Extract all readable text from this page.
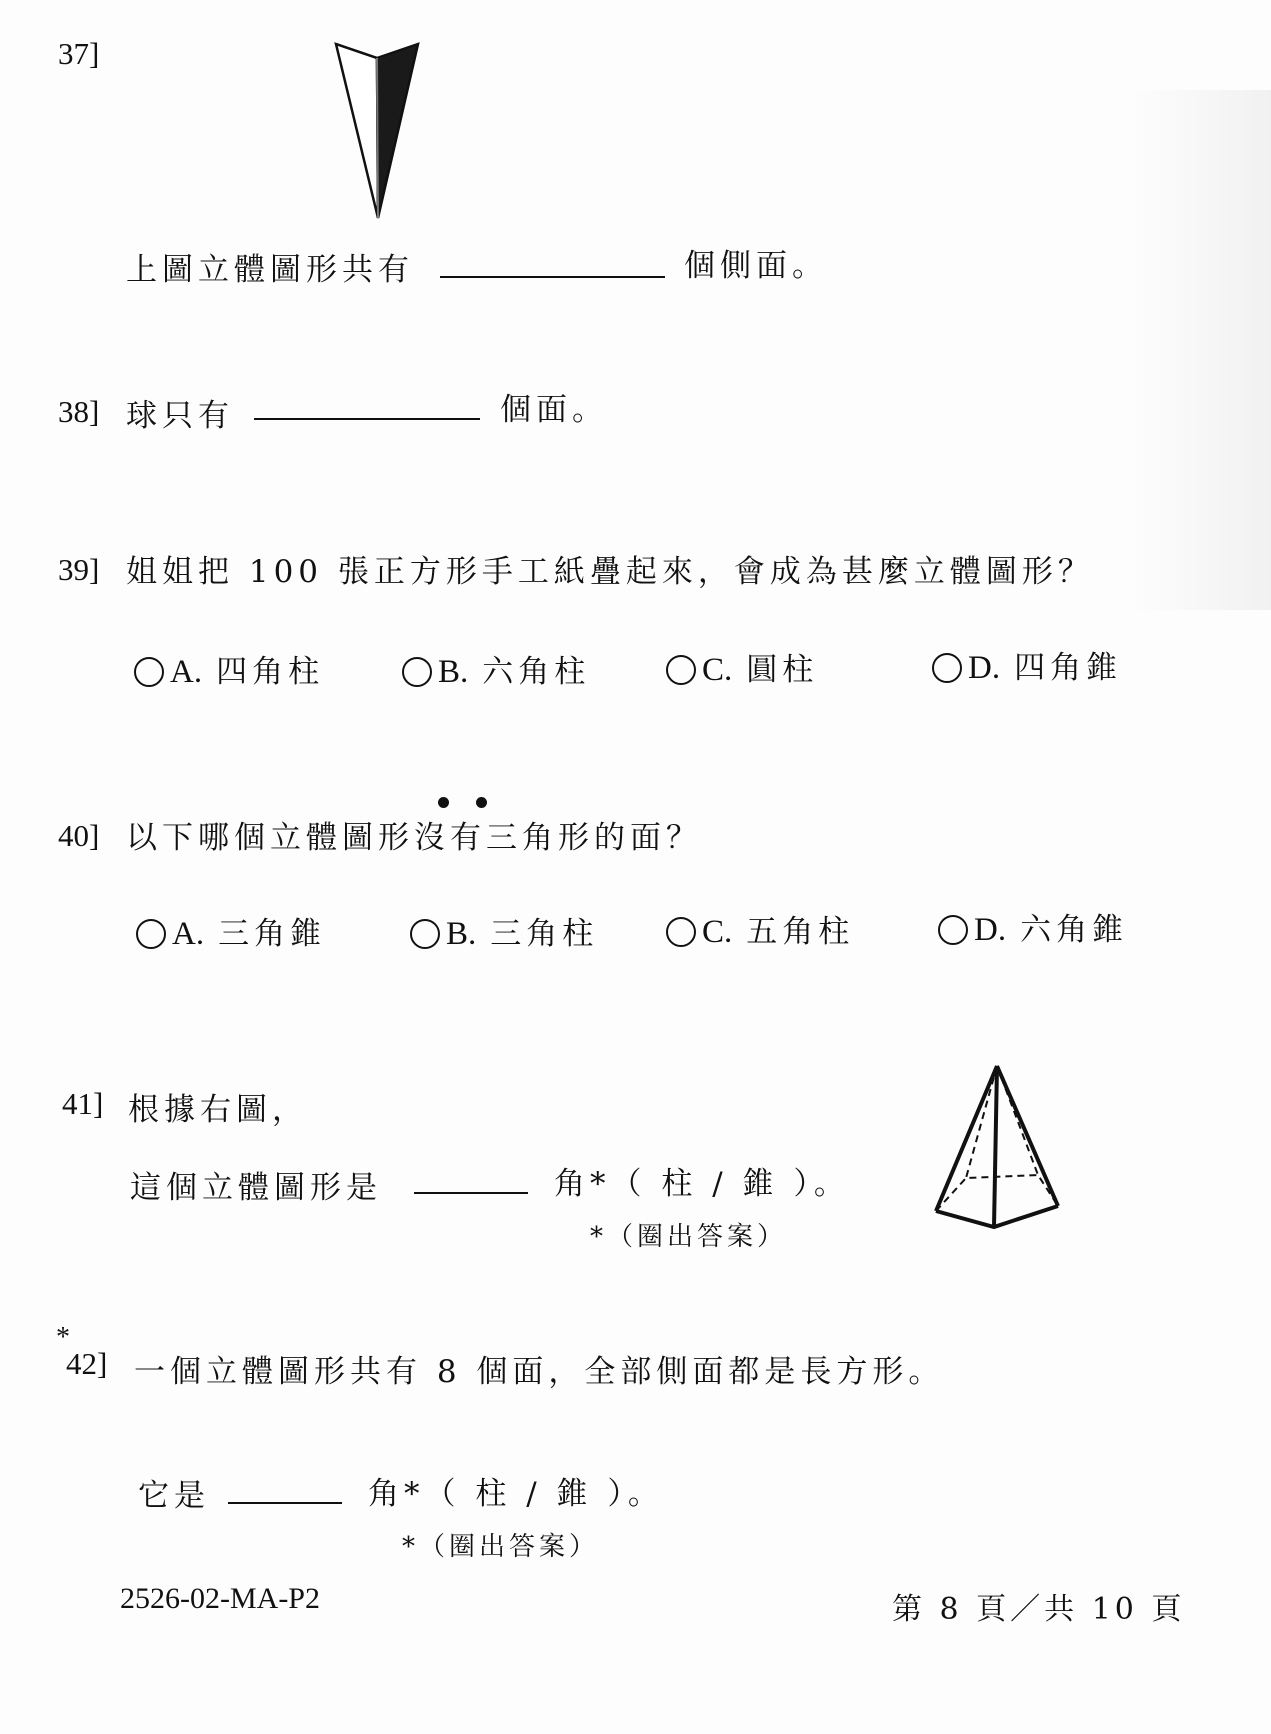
37]
上圖立體圖形共有	個側面。
38] 球只有	個面。
39] 姐姐把 100 張正方形手工紙疊起來，會成為甚麼立體圖形？
A. 四角柱	B. 六角柱	C. 圓柱	D. 四角錐
40] 以下哪個立體圖形沒有三角形的面？
A. 三角錐	B. 三角柱	C. 五角柱	D. 六角錐
41] 根據右圖，
這個立體圖形是	角*（ 柱 / 錐 ）。
*（圈出答案）
*
42] 一個立體圖形共有 8 個面，全部側面都是長方形。
它是	角*（ 柱 / 錐 ）。
*（圈出答案）
2526-02-MA-P2	第 8 頁／共 10 頁
